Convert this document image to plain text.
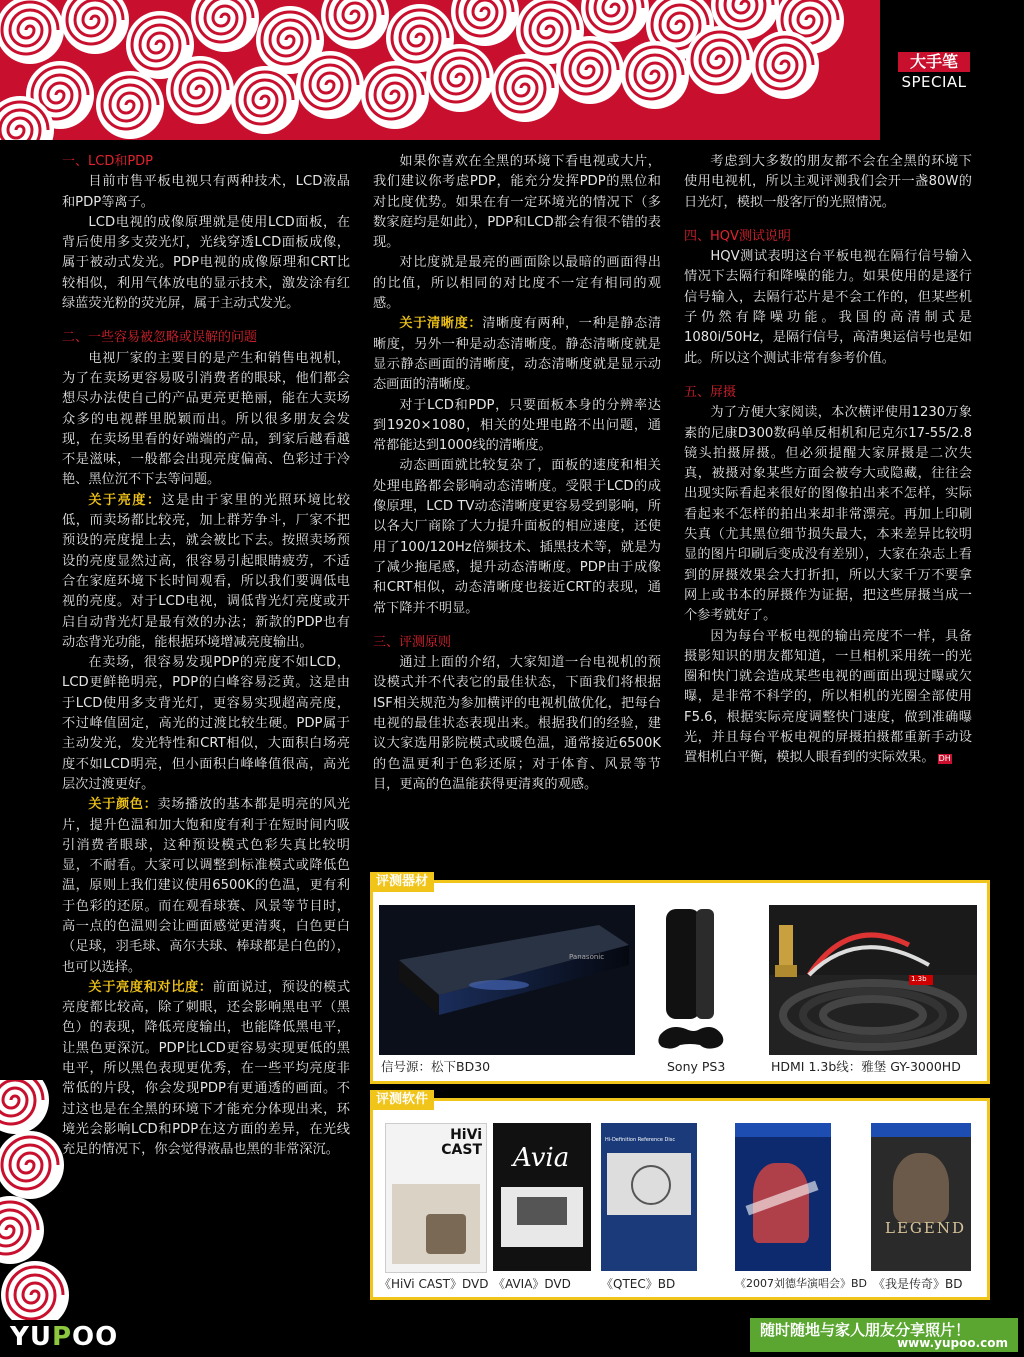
大手笔
SPECIAL
一、LCD和PDP

目前市售平板电视只有两种技术，LCD液晶和PDP等离子。

LCD电视的成像原理就是使用LCD面板，在背后使用多支荧光灯，光线穿透LCD面板成像，属于被动式发光。PDP电视的成像原理和CRT比较相似，利用气体放电的显示技术，激发涂有红绿蓝荧光粉的荧光屏，属于主动式发光。

二、一些容易被忽略或误解的问题

电视厂家的主要目的是产生和销售电视机，为了在卖场更容易吸引消费者的眼球，他们都会想尽办法使自己的产品更亮更艳丽，能在大卖场众多的电视群里脱颖而出。所以很多朋友会发现，在卖场里看的好端端的产品，到家后越看越不是滋味，一般都会出现亮度偏高、色彩过于冷艳、黑位沉不下去等问题。

关于亮度：这是由于家里的光照环境比较低，而卖场都比较亮，加上群芳争斗，厂家不把预设的亮度提上去，就会被比下去。按照卖场预设的亮度显然过高，很容易引起眼睛疲劳，不适合在家庭环境下长时间观看，所以我们要调低电视的亮度。对于LCD电视，调低背光灯亮度或开启自动背光灯是最有效的办法；新款的PDP也有动态背光功能，能根据环境增减亮度输出。

在卖场，很容易发现PDP的亮度不如LCD，LCD更鲜艳明亮，PDP的白峰容易泛黄。这是由于LCD使用多支背光灯，更容易实现超高亮度，不过峰值固定，高光的过渡比较生硬。PDP属于主动发光，发光特性和CRT相似，大面积白场亮度不如LCD明亮，但小面积白峰峰值很高，高光层次过渡更好。

关于颜色：卖场播放的基本都是明亮的风光片，提升色温和加大饱和度有利于在短时间内吸引消费者眼球，这种预设模式色彩失真比较明显，不耐看。大家可以调整到标准模式或降低色温，原则上我们建议使用6500K的色温，更有利于色彩的还原。而在观看球赛、风景等节目时，高一点的色温则会让画面感觉更清爽，白色更白（足球，羽毛球、高尔夫球、棒球都是白色的），也可以选择。

关于亮度和对比度：前面说过，预设的模式亮度都比较高，除了刺眼，还会影响黑电平（黑色）的表现，降低亮度输出，也能降低黑电平，让黑色更深沉。PDP比LCD更容易实现更低的黑电平，所以黑色表现更优秀，在一些平均亮度非常低的片段，你会发现PDP有更通透的画面。不过这也是在全黑的环境下才能充分体现出来，环境光会影响LCD和PDP在这方面的差异，在光线充足的情况下，你会觉得液晶也黑的非常深沉。

如果你喜欢在全黑的环境下看电视或大片，我们建议你考虑PDP，能充分发挥PDP的黑位和对比度优势。如果在有一定环境光的情况下（多数家庭均是如此），PDP和LCD都会有很不错的表现。

对比度就是最亮的画面除以最暗的画面得出的比值，所以相同的对比度不一定有相同的观感。

关于清晰度：清晰度有两种，一种是静态清晰度，另外一种是动态清晰度。静态清晰度就是显示静态画面的清晰度，动态清晰度就是显示动态画面的清晰度。

对于LCD和PDP，只要面板本身的分辨率达到1920×1080，相关的处理电路不出问题，通常都能达到1000线的清晰度。

动态画面就比较复杂了，面板的速度和相关处理电路都会影响动态清晰度。受限于LCD的成像原理，LCD TV动态清晰度更容易受到影响，所以各大厂商除了大力提升面板的相应速度，还使用了100/120Hz倍频技术、插黑技术等，就是为了减少拖尾感，提升动态清晰度。PDP由于成像和CRT相似，动态清晰度也接近CRT的表现，通常下降并不明显。

三、评测原则

通过上面的介绍，大家知道一台电视机的预设模式并不代表它的最佳状态，下面我们将根据ISF相关规范为参加横评的电视机做优化，把每台电视的最佳状态表现出来。根据我们的经验，建议大家选用影院模式或暖色温，通常接近6500K的色温更利于色彩还原；对于体育、风景等节目，更高的色温能获得更清爽的观感。

考虑到大多数的朋友都不会在全黑的环境下使用电视机，所以主观评测我们会开一盏80W的日光灯，模拟一般客厅的光照情况。

四、HQV测试说明

HQV测试表明这台平板电视在隔行信号输入情况下去隔行和降噪的能力。如果使用的是逐行信号输入，去隔行芯片是不会工作的，但某些机子仍然有降噪功能。我国的高清制式是1080i/50Hz，是隔行信号，高清奥运信号也是如此。所以这个测试非常有参考价值。

五、屏摄

为了方便大家阅读，本次横评使用1230万象素的尼康D300数码单反相机和尼克尔17-55/2.8镜头拍摄屏摄。但必须提醒大家屏摄是二次失真，被摄对象某些方面会被夸大或隐藏，往往会出现实际看起来很好的图像拍出来不怎样，实际看起来不怎样的拍出来却非常漂亮。再加上印刷失真（尤其黑位细节损失最大，本来差异比较明显的图片印刷后变成没有差别），大家在杂志上看到的屏摄效果会大打折扣，所以大家千万不要拿网上或书本的屏摄作为证据，把这些屏摄当成一个参考就好了。

因为每台平板电视的输出亮度不一样，具备摄影知识的朋友都知道，一旦相机采用统一的光圈和快门就会造成某些电视的画面出现过曝或欠曝，是非常不科学的，所以相机的光圈全部使用F5.6，根据实际亮度调整快门速度，做到准确曝光，并且每台平板电视的屏摄拍摄都重新手动设置相机白平衡，模拟人眼看到的实际效果。 DH

评测器材
Panasonic
1.3b
信号源：松下BD30	Sony PS3	HDMI 1.3b线：雅堡 GY-3000HD
评测软件
HiVi CAST Avia
Hi-Definition Reference Disc
LEGEND
《HiVi CAST》DVD 《AVIA》DVD	《QTEC》BD	《2007刘德华演唱会》BD 《我是传奇》BD
YUPOO	随时随地与家人朋友分享照片！
www.yupoo.com
